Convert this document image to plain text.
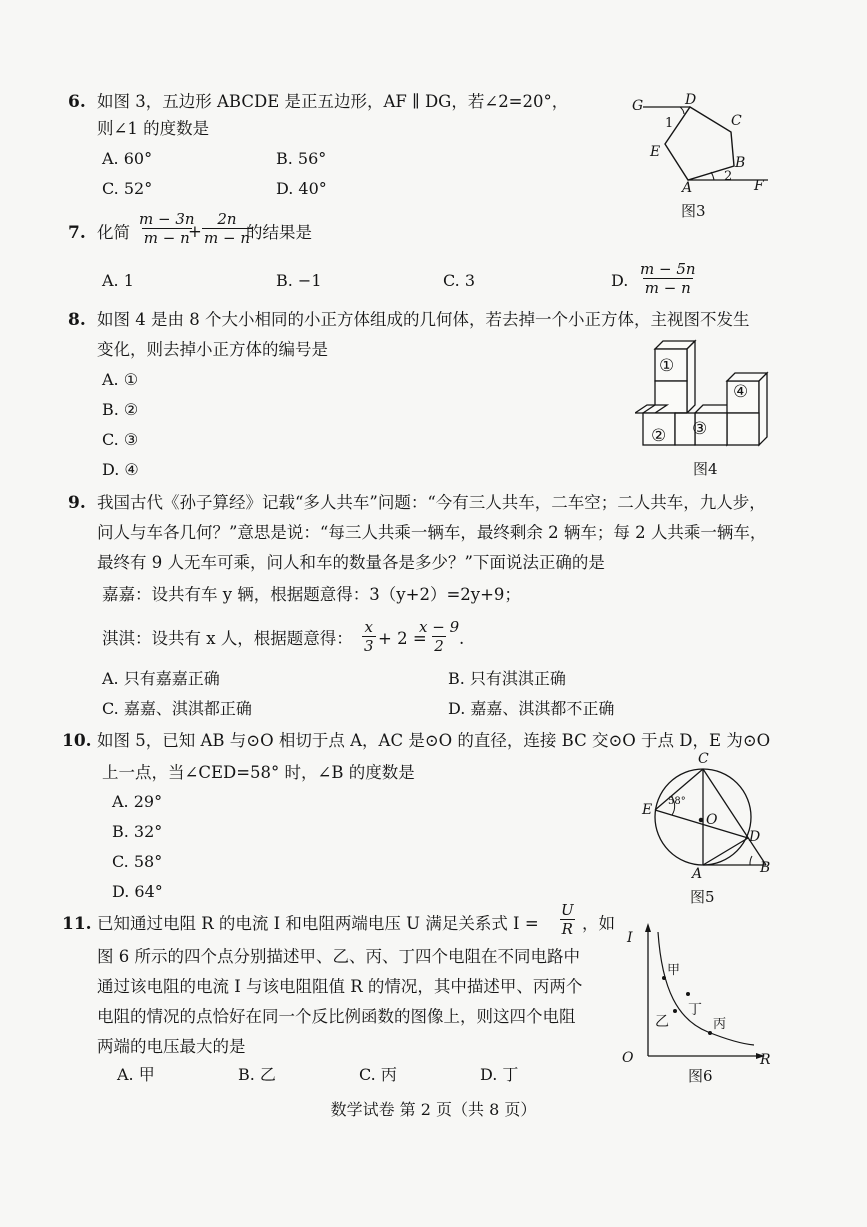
6. 如图 3，五边形 ABCDE 是正五边形，AF ∥ DG，若∠2=20°，
则∠1 的度数是
A. 60°	B. 56°
C. 52°	D. 40°
G	D
C
1
E
B
A
2
F
图3
7. 化简 $\frac{m - 3n}{m - n}$
+ $\frac{2n}{m - n}$
的结果是
A. 1	B. −1	C. 3	D. $\frac{m - 5n}{m - n}$
8. 如图 4 是由 8 个大小相同的小正方体组成的几何体，若去掉一个小正方体，主视图不发生
变化，则去掉小正方体的编号是
A. ①
B. ②
C. ③
D. ④
①
② ③
④
图4
9. 我国古代《孙子算经》记载“多人共车”问题：“今有三人共车，二车空；二人共车，九人步，
问人与车各几何？”意思是说：“每三人共乘一辆车，最终剩余 2 辆车；每 2 人共乘一辆车，
最终有 9 人无车可乘，问人和车的数量各是多少？”下面说法正确的是
嘉嘉：设共有车 y 辆，根据题意得：3（y+2）=2y+9；
淇淇：设共有 x 人，根据题意得： $\frac{x}{3} + 2$ =
$\frac{x - 9}{2}$
.
A. 只有嘉嘉正确	B. 只有淇淇正确
C. 嘉嘉、淇淇都正确	D. 嘉嘉、淇淇都不正确
10. 如图 5，已知 AB 与⊙O 相切于点 A，AC 是⊙O 的直径，连接 BC 交⊙O 于点 D，E 为⊙O
上一点，当∠CED=58° 时，∠B 的度数是
A. 29°
B. 32°
C. 58°
D. 64°
C
E
O
D
A	B
58°
图5
11. 已知通过电阻 R 的电流 I 和电阻两端电压 U 满足关系式 $I = \frac{U}{R}$ ，如
图 6 所示的四个点分别描述甲、乙、丙、丁四个电阻在不同电路中
通过该电阻的电流 I 与该电阻阻值 R 的情况，其中描述甲、丙两个
电阻的情况的点恰好在同一个反比例函数的图像上，则这四个电阻
两端的电压最大的是
A. 甲	B. 乙	C. 丙	D. 丁
I
甲
乙
丁
丙
O	R
图6
数学试卷 第 2 页（共 8 页）
